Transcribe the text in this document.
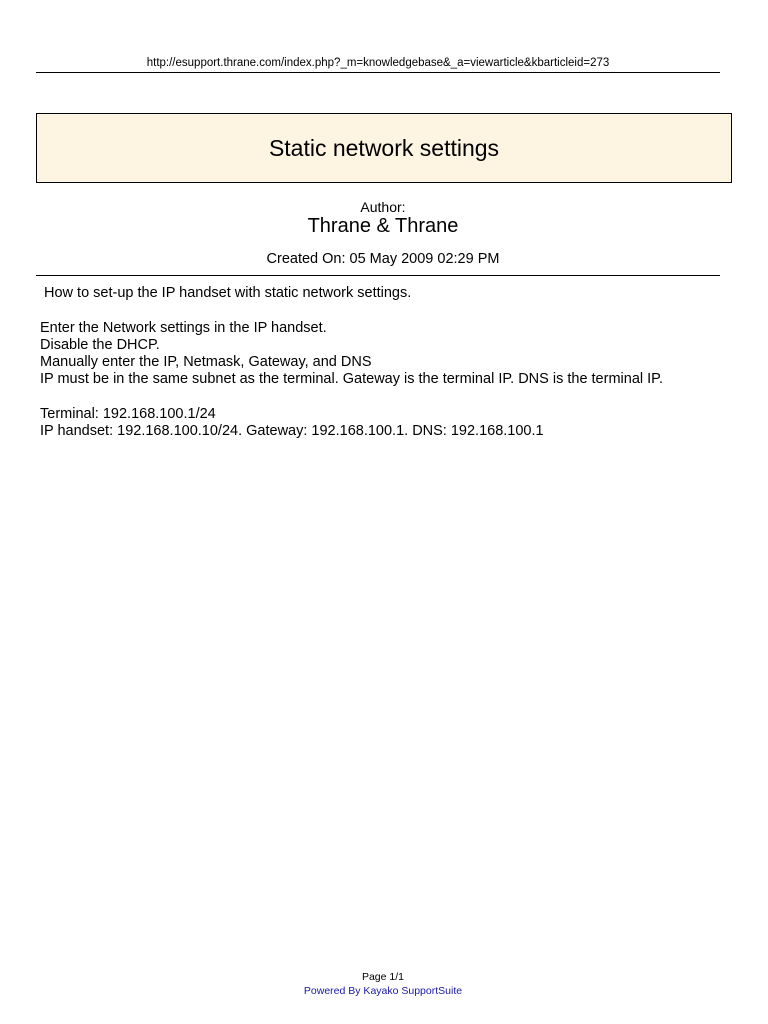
http://esupport.thrane.com/index.php?_m=knowledgebase&_a=viewarticle&kbarticleid=273
Static network settings
Author:
Thrane & Thrane
Created On: 05 May 2009 02:29 PM
How to set-up the IP handset with static network settings.
Enter the Network settings in the IP handset.
Disable the DHCP.
Manually enter the IP, Netmask, Gateway, and DNS
IP must be in the same subnet as the terminal. Gateway is the terminal IP. DNS is the terminal IP.
Terminal: 192.168.100.1/24
IP handset: 192.168.100.10/24. Gateway: 192.168.100.1. DNS: 192.168.100.1
Page 1/1
Powered By Kayako SupportSuite
